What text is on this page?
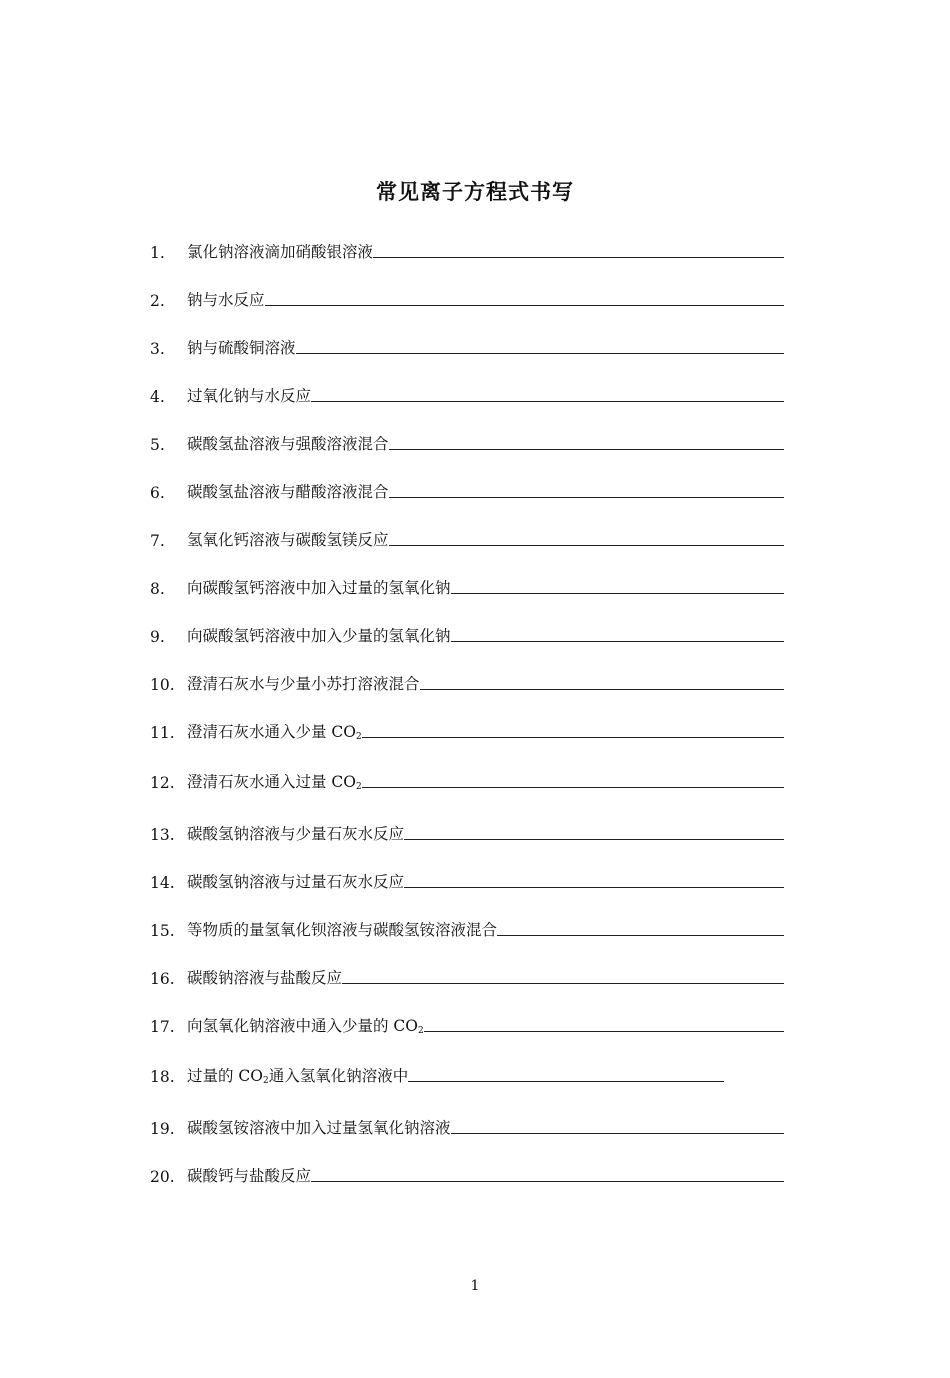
常见离子方程式书写
1.	氯化钠溶液滴加硝酸银溶液
2.	钠与水反应
3.	钠与硫酸铜溶液
4.	过氧化钠与水反应
5.	碳酸氢盐溶液与强酸溶液混合
6.	碳酸氢盐溶液与醋酸溶液混合
7.	氢氧化钙溶液与碳酸氢镁反应
8.	向碳酸氢钙溶液中加入过量的氢氧化钠
9.	向碳酸氢钙溶液中加入少量的氢氧化钠
10. 澄清石灰水与少量小苏打溶液混合
11. 澄清石灰水通入少量 $CO_2$
12. 澄清石灰水通入过量 $CO_2$
13. 碳酸氢钠溶液与少量石灰水反应
14. 碳酸氢钠溶液与过量石灰水反应
15. 等物质的量氢氧化钡溶液与碳酸氢铵溶液混合
16. 碳酸钠溶液与盐酸反应
17. 向氢氧化钠溶液中通入少量的 $CO_2$
18. 过量的 $CO_2$通入氢氧化钠溶液中
19. 碳酸氢铵溶液中加入过量氢氧化钠溶液
20. 碳酸钙与盐酸反应
1
